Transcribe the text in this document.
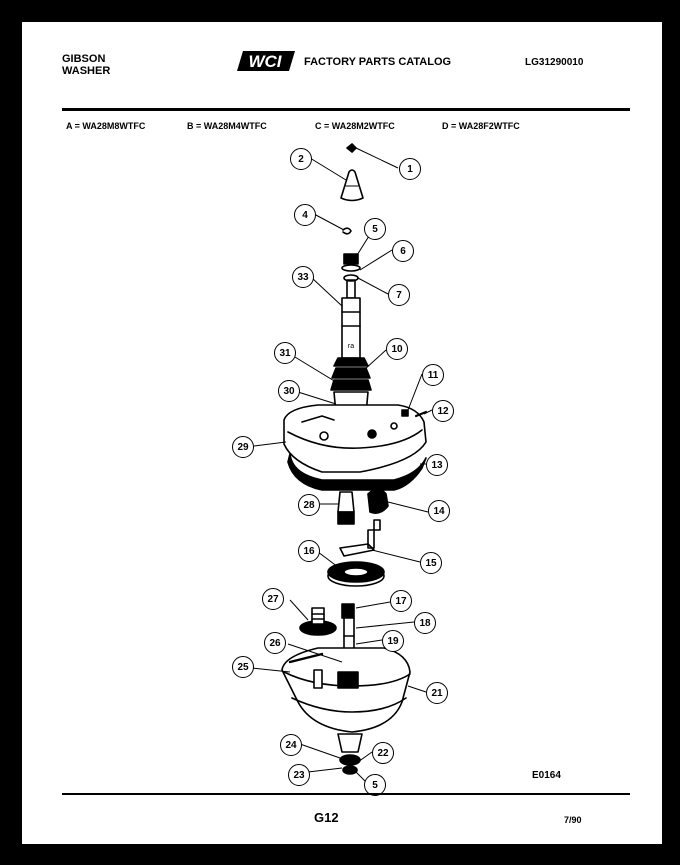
GIBSON
WASHER	WCI FACTORY PARTS CATALOG	LG31290010
A = WA28M8WTFC	B = WA28M4WTFC	C = WA28M2WTFC	D = WA28F2WTFC
ra
1
2
4
5
6
33
7
10
31
11
30
12
29
13
28
14
15
16
17
27
18
26	19
25
21
24
22
23
5
E0164
G12	7/90
